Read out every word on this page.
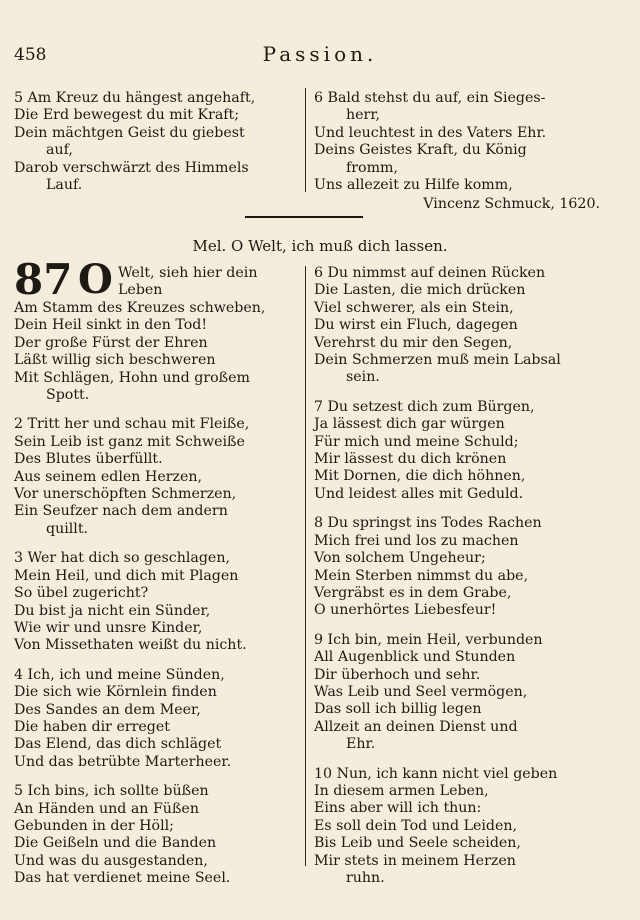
458	Passion.
5 Am Kreuz du hängest angehaft,
Die Erd bewegest du mit Kraft;
Dein mächtgen Geist du giebest
auf,
Darob verschwärzt des Himmels
Lauf.
6 Bald stehst du auf, ein Sieges-
herr,
Und leuchtest in des Vaters Ehr.
Deins Geistes Kraft, du König
fromm,
Uns allezeit zu Hilfe komm,
Vincenz Schmuck, 1620.
Mel. O Welt, ich muß dich lassen.
87 O Welt, sieh hier dein
Leben
Am Stamm des Kreuzes schweben,
Dein Heil sinkt in den Tod!
Der große Fürst der Ehren
Läßt willig sich beschweren
Mit Schlägen, Hohn und großem
Spott.
2 Tritt her und schau mit Fleiße,
Sein Leib ist ganz mit Schweiße
Des Blutes überfüllt.
Aus seinem edlen Herzen,
Vor unerschöpften Schmerzen,
Ein Seufzer nach dem andern
quillt.
3 Wer hat dich so geschlagen,
Mein Heil, und dich mit Plagen
So übel zugericht?
Du bist ja nicht ein Sünder,
Wie wir und unsre Kinder,
Von Missethaten weißt du nicht.
4 Ich, ich und meine Sünden,
Die sich wie Körnlein finden
Des Sandes an dem Meer,
Die haben dir erreget
Das Elend, das dich schläget
Und das betrübte Marterheer.
5 Ich bins, ich sollte büßen
An Händen und an Füßen
Gebunden in der Höll;
Die Geißeln und die Banden
Und was du ausgestanden,
Das hat verdienet meine Seel.
6 Du nimmst auf deinen Rücken
Die Lasten, die mich drücken
Viel schwerer, als ein Stein,
Du wirst ein Fluch, dagegen
Verehrst du mir den Segen,
Dein Schmerzen muß mein Labsal
sein.
7 Du setzest dich zum Bürgen,
Ja lässest dich gar würgen
Für mich und meine Schuld;
Mir lässest du dich krönen
Mit Dornen, die dich höhnen,
Und leidest alles mit Geduld.
8 Du springst ins Todes Rachen
Mich frei und los zu machen
Von solchem Ungeheur;
Mein Sterben nimmst du abe,
Vergräbst es in dem Grabe,
O unerhörtes Liebesfeur!
9 Ich bin, mein Heil, verbunden
All Augenblick und Stunden
Dir überhoch und sehr.
Was Leib und Seel vermögen,
Das soll ich billig legen
Allzeit an deinen Dienst und
Ehr.
10 Nun, ich kann nicht viel geben
In diesem armen Leben,
Eins aber will ich thun:
Es soll dein Tod und Leiden,
Bis Leib und Seele scheiden,
Mir stets in meinem Herzen
ruhn.
